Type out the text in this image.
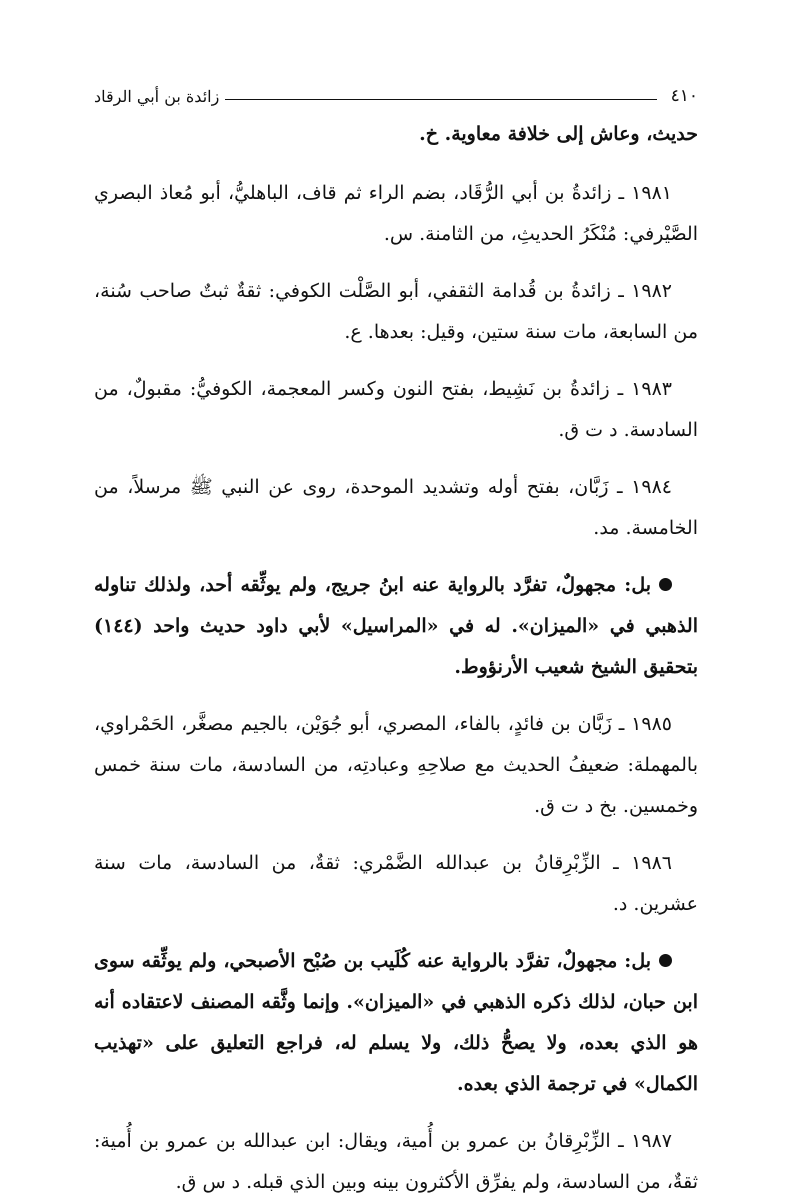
٤١٠
زائدة بن أبي الرقاد

حديث، وعاش إلى خلافة معاوية. خ.

١٩٨١ ـ زائدةُ بن أبي الرُّقَاد، بضم الراء ثم قاف، الباهليُّ، أبو مُعاذ البصري الصَّيْرفي: مُنْكَرُ الحديثِ، من الثامنة. س.

١٩٨٢ ـ زائدةُ بن قُدامة الثقفي، أبو الصَّلْت الكوفي: ثقةٌ ثبتٌ صاحب سُنة، من السابعة، مات سنة ستين، وقيل: بعدها. ع.

١٩٨٣ ـ زائدةُ بن نَشِيط، بفتح النون وكسر المعجمة، الكوفيُّ: مقبولٌ، من السادسة. د ت ق.

١٩٨٤ ـ زَبَّان، بفتح أوله وتشديد الموحدة، روى عن النبي ﷺ مرسلاً، من الخامسة. مد.

بل: مجهولٌ، تفرَّد بالرواية عنه ابنُ جريج، ولم يوثِّقه أحد، ولذلك تناوله الذهبي في «الميزان». له في «المراسيل» لأبي داود حديث واحد (١٤٤) بتحقيق الشيخ شعيب الأرنؤوط.

١٩٨٥ ـ زَبَّان بن فائدٍ، بالفاء، المصري، أبو جُوَيْن، بالجيم مصغَّر، الحَمْراوي، بالمهملة: ضعيفُ الحديث مع صلاحِهِ وعبادتِه، من السادسة، مات سنة خمس وخمسين. بخ د ت ق.

١٩٨٦ ـ الزِّبْرِقانُ بن عبدالله الضَّمْري: ثقةٌ، من السادسة، مات سنة عشرين. د.

بل: مجهولٌ، تفرَّد بالرواية عنه كُلَيب بن صُبْح الأصبحي، ولم يوثِّقه سوى ابن حبان، لذلك ذكره الذهبي في «الميزان». وإنما وثَّقه المصنف لاعتقاده أنه هو الذي بعده، ولا يصحُّ ذلك، ولا يسلم له، فراجع التعليق على «تهذيب الكمال» في ترجمة الذي بعده.

١٩٨٧ ـ الزِّبْرِقانُ بن عمرو بن أُمية، ويقال: ابن عبدالله بن عمرو بن أُمية: ثقةٌ، من السادسة، ولم يفرِّق الأكثرون بينه وبين الذي قبله. د س ق.
